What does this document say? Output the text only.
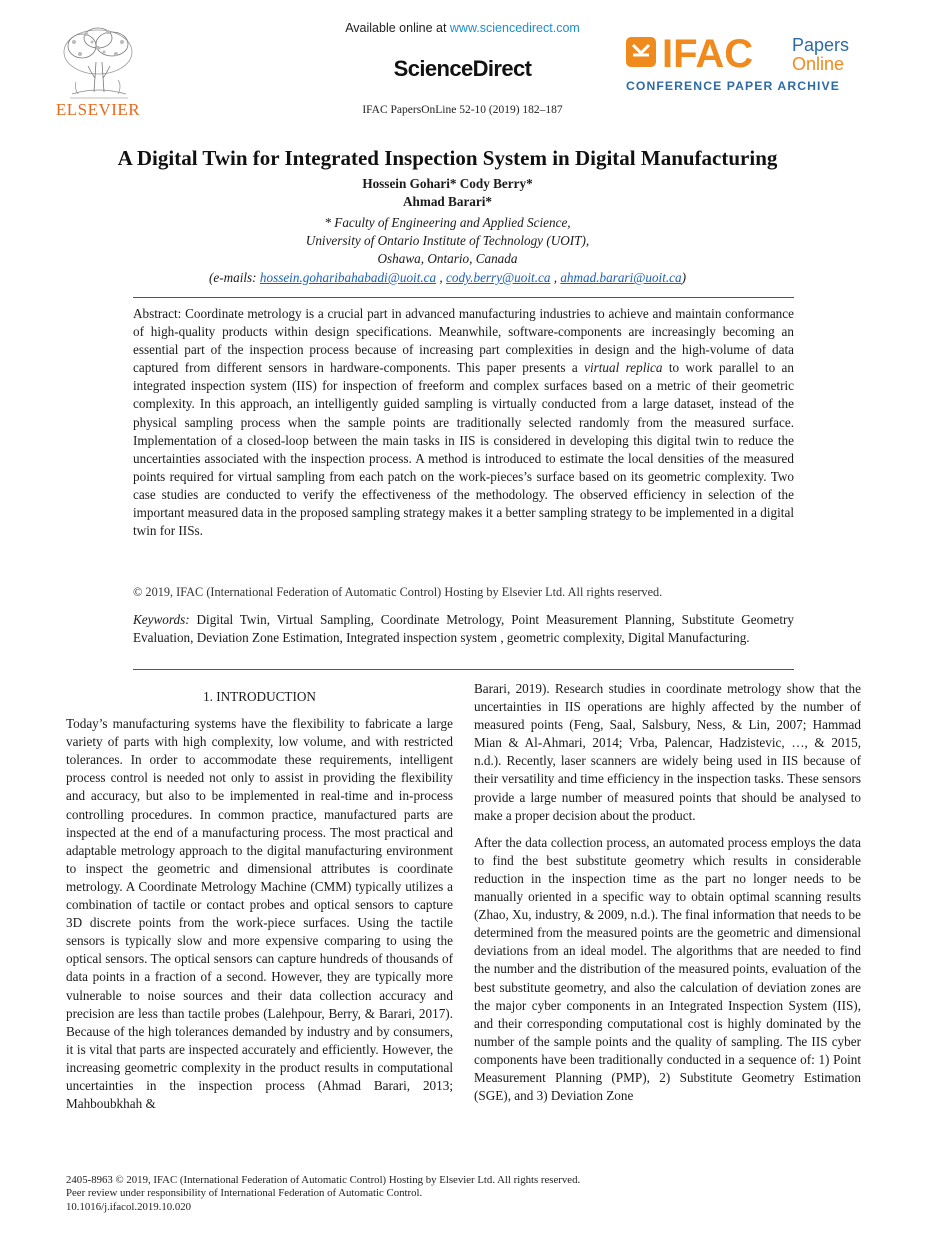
ELSEVIER
Available online at www.sciencedirect.com
ScienceDirect
IFAC PapersOnLine 52-10 (2019) 182–187
IFAC Papers
Online
CONFERENCE PAPER ARCHIVE
A Digital Twin for Integrated Inspection System in Digital Manufacturing
Hossein Gohari* Cody Berry*
Ahmad Barari*
* Faculty of Engineering and Applied Science,
University of Ontario Institute of Technology (UOIT),
Oshawa, Ontario, Canada
(e-mails: hossein.goharibahabadi@uoit.ca , cody.berry@uoit.ca , ahmad.barari@uoit.ca)

Abstract: Coordinate metrology is a crucial part in advanced manufacturing industries to achieve and maintain conformance of high-quality products within design specifications. Meanwhile, software-components are increasingly becoming an essential part of the inspection process because of increasing part complexities in design and the high-volume of data captured from different sensors in hardware-components. This paper presents a virtual replica to work parallel to an integrated inspection system (IIS) for inspection of freeform and complex surfaces based on a metric of their geometric complexity. In this approach, an intelligently guided sampling is virtually conducted from a large dataset, instead of the physical sampling process when the sample points are traditionally selected randomly from the measured surface. Implementation of a closed-loop between the main tasks in IIS is considered in developing this digital twin to reduce the uncertainties associated with the inspection process. A method is introduced to estimate the local densities of the measured points required for virtual sampling from each patch on the work-pieces’s surface based on its geometric complexity. Two case studies are conducted to verify the effectiveness of the methodology. The observed efficiency in selection of the important measured data in the proposed sampling strategy makes it a better sampling strategy to be implemented in a digital twin for IISs.

© 2019, IFAC (International Federation of Automatic Control) Hosting by Elsevier Ltd. All rights reserved.
Keywords: Digital Twin, Virtual Sampling, Coordinate Metrology, Point Measurement Planning, Substitute Geometry Evaluation, Deviation Zone Estimation, Integrated inspection system , geometric complexity, Digital Manufacturing.

1. INTRODUCTION

Today’s manufacturing systems have the flexibility to fabricate a large variety of parts with high complexity, low volume, and with restricted tolerances. In order to accommodate these requirements, intelligent process control is needed not only to assist in providing the flexibility and accuracy, but also to be implemented in real-time and in-process controlling procedures. In common practice, manufactured parts are inspected at the end of a manufacturing process. The most practical and adaptable metrology approach to the digital manufacturing environment to inspect the geometric and dimensional attributes is coordinate metrology. A Coordinate Metrology Machine (CMM) typically utilizes a combination of tactile or contact probes and optical sensors to capture 3D discrete points from the work-piece surfaces. Using the tactile sensors is typically slow and more expensive comparing to using the optical sensors. The optical sensors can capture hundreds of thousands of data points in a fraction of a second. However, they are typically more vulnerable to noise sources and their data collection accuracy and precision are less than tactile probes (Lalehpour, Berry, & Barari, 2017). Because of the high tolerances demanded by industry and by consumers, it is vital that parts are inspected accurately and efficiently. However, the increasing geometric complexity in the product results in computational uncertainties in the inspection process (Ahmad Barari, 2013; Mahboubkhah &

Barari, 2019). Research studies in coordinate metrology show that the uncertainties in IIS operations are highly affected by the number of measured points (Feng, Saal, Salsbury, Ness, & Lin, 2007; Hammad Mian & Al-Ahmari, 2014; Vrba, Palencar, Hadzistevic, …, & 2015, n.d.). Recently, laser scanners are widely being used in IIS because of their versatility and time efficiency in the inspection tasks. These sensors provide a large number of measured points that should be analysed to make a proper decision about the product.

After the data collection process, an automated process employs the data to find the best substitute geometry which results in considerable reduction in the inspection time as the part no longer needs to be manually oriented in a specific way to obtain optimal scanning results (Zhao, Xu, industry, & 2009, n.d.). The final information that needs to be determined from the measured points are the geometric and dimensional deviations from an ideal model. The algorithms that are needed to find the number and the distribution of the measured points, evaluation of the best substitute geometry, and also the calculation of deviation zones are the major cyber components in an Integrated Inspection System (IIS), and their corresponding computational cost is highly dominated by the number of the sample points and the quality of sampling. The IIS cyber components have been traditionally conducted in a sequence of: 1) Point Measurement Planning (PMP), 2) Substitute Geometry Estimation (SGE), and 3) Deviation Zone

2405-8963 © 2019, IFAC (International Federation of Automatic Control) Hosting by Elsevier Ltd. All rights reserved.
Peer review under responsibility of International Federation of Automatic Control.
10.1016/j.ifacol.2019.10.020
